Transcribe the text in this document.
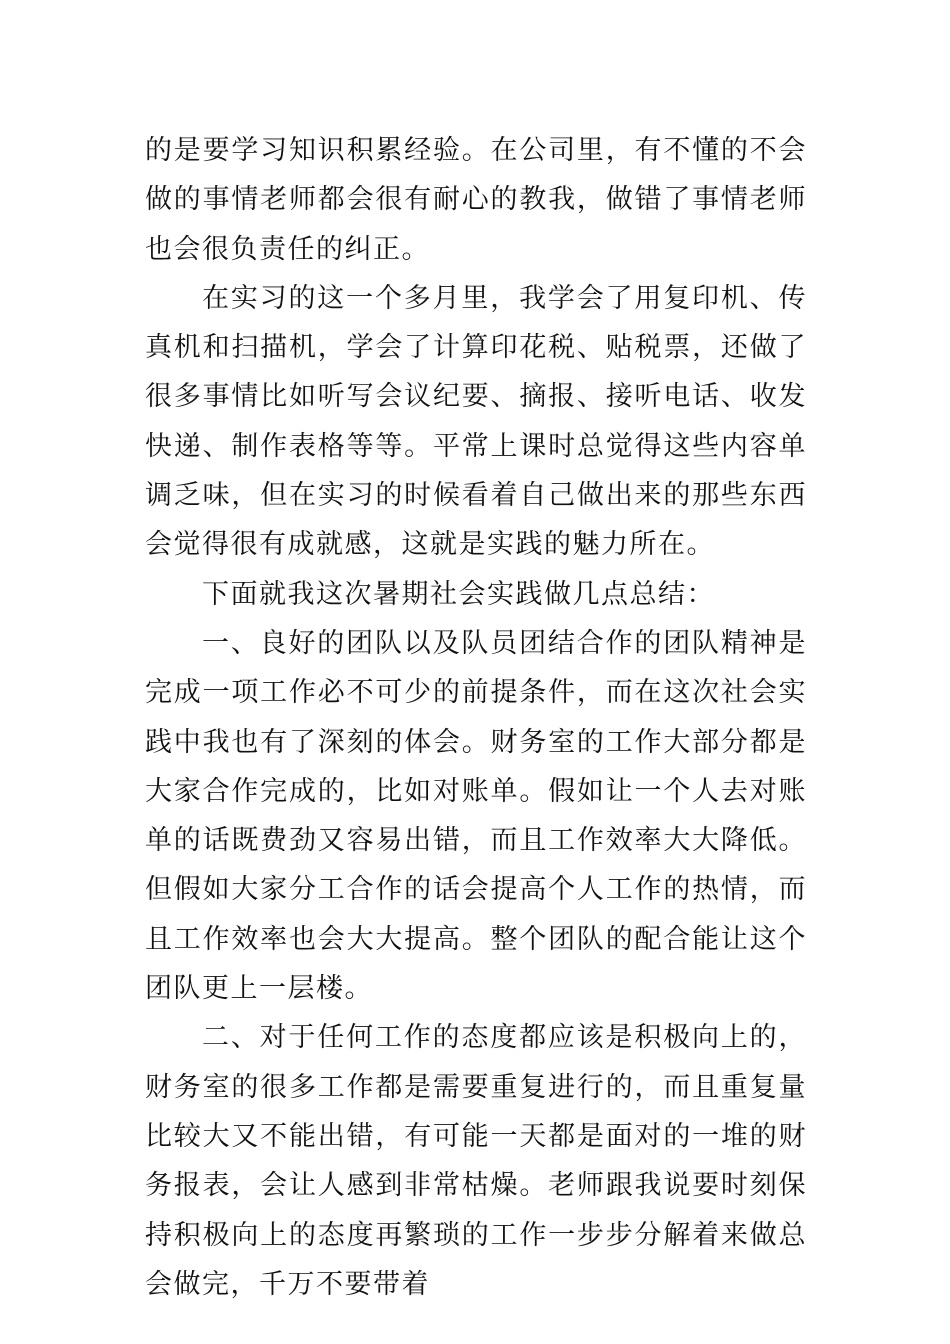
的是要学习知识积累经验。在公司里，有不懂的不会做的事情老师都会很有耐心的教我，做错了事情老师也会很负责任的纠正。

在实习的这一个多月里，我学会了用复印机、传真机和扫描机，学会了计算印花税、贴税票，还做了很多事情比如听写会议纪要、摘报、接听电话、收发快递、制作表格等等。平常上课时总觉得这些内容单调乏味，但在实习的时候看着自己做出来的那些东西会觉得很有成就感，这就是实践的魅力所在。

下面就我这次暑期社会实践做几点总结：

一、良好的团队以及队员团结合作的团队精神是完成一项工作必不可少的前提条件，而在这次社会实践中我也有了深刻的体会。财务室的工作大部分都是大家合作完成的，比如对账单。假如让一个人去对账单的话既费劲又容易出错，而且工作效率大大降低。但假如大家分工合作的话会提高个人工作的热情，而且工作效率也会大大提高。整个团队的配合能让这个团队更上一层楼。

二、对于任何工作的态度都应该是积极向上的，财务室的很多工作都是需要重复进行的，而且重复量比较大又不能出错，有可能一天都是面对的一堆的财务报表，会让人感到非常枯燥。老师跟我说要时刻保持积极向上的态度再繁琐的工作一步步分解着来做总会做完，千万不要带着
